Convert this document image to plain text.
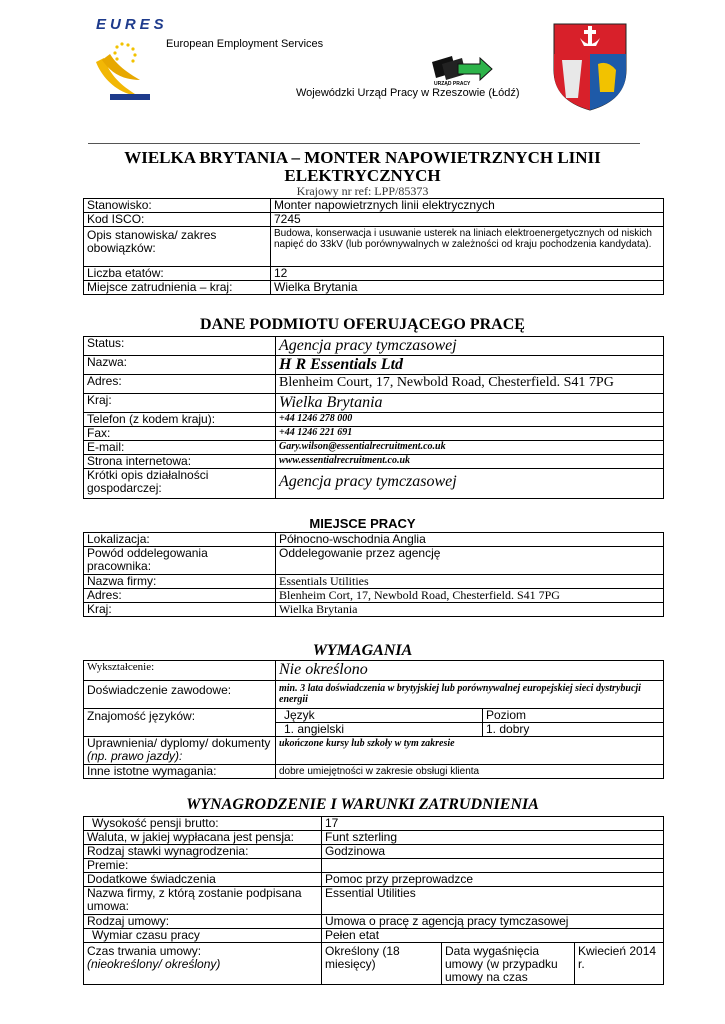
EURES
European Employment Services
URZĄD PRACY
Wojewódzki Urząd Pracy w Rzeszowie (Łódź)
WIELKA BRYTANIA – MONTER NAPOWIETRZNYCH LINII
ELEKTRYCZNYCH
Krajowy nr ref: LPP/85373
Stanowisko:	Monter napowietrznych linii elektrycznych
Kod ISCO:	7245
Opis stanowiska/ zakres obowiązków:	Budowa, konserwacja i usuwanie usterek na liniach elektroenergetycznych od niskich napięć do 33kV (lub porównywalnych w zależności od kraju pochodzenia kandydata).
Liczba etatów:	12
Miejsce zatrudnienia – kraj:	Wielka Brytania
DANE PODMIOTU OFERUJĄCEGO PRACĘ
Status:	Agencja pracy tymczasowej
Nazwa:	H R Essentials Ltd
Adres:	Blenheim Court, 17, Newbold Road, Chesterfield. S41 7PG
Kraj:	Wielka Brytania
Telefon (z kodem kraju):	+44 1246 278 000
Fax:	+44 1246 221 691
E-mail:	Gary.wilson@essentialrecruitment.co.uk
Strona internetowa:	www.essentialrecruitment.co.uk
Krótki opis działalności gospodarczej:	Agencja pracy tymczasowej
MIEJSCE PRACY
Lokalizacja:	Północno-wschodnia Anglia
Powód oddelegowania pracownika:	Oddelegowanie przez agencję
Nazwa firmy:	Essentials Utilities
Adres:	Blenheim Cort, 17, Newbold Road, Chesterfield. S41 7PG
Kraj:	Wielka Brytania
WYMAGANIA
Wykształcenie:	Nie określono	
Doświadczenie zawodowe:	min. 3 lata doświadczenia w brytyjskiej lub porównywalnej europejskiej sieci dystrybucji energii	
Znajomość języków:	Język	Poziom
	1. angielski	1. dobry
Uprawnienia/ dyplomy/ dokumenty
(np. prawo jazdy):	ukończone kursy lub szkoły w tym zakresie	
Inne istotne wymagania:	dobre umiejętności w zakresie obsługi klienta	
WYNAGRODZENIE I WARUNKI ZATRUDNIENIA
Wysokość pensji brutto:	17		
Waluta, w jakiej wypłacana jest pensja:	Funt szterling		
Rodzaj stawki wynagrodzenia:	Godzinowa		
Premie:			
Dodatkowe świadczenia	Pomoc przy przeprowadzce		
Nazwa firmy, z którą zostanie podpisana umowa:	Essential Utilities		
Rodzaj umowy:	Umowa o pracę z agencją pracy tymczasowej		
Wymiar czasu pracy	Pełen etat		
Czas trwania umowy:
(nieokreślony/ określony)	Określony (18 miesięcy)	Data wygaśnięcia umowy (w przypadku umowy na czas	Kwiecień 2014 r.
